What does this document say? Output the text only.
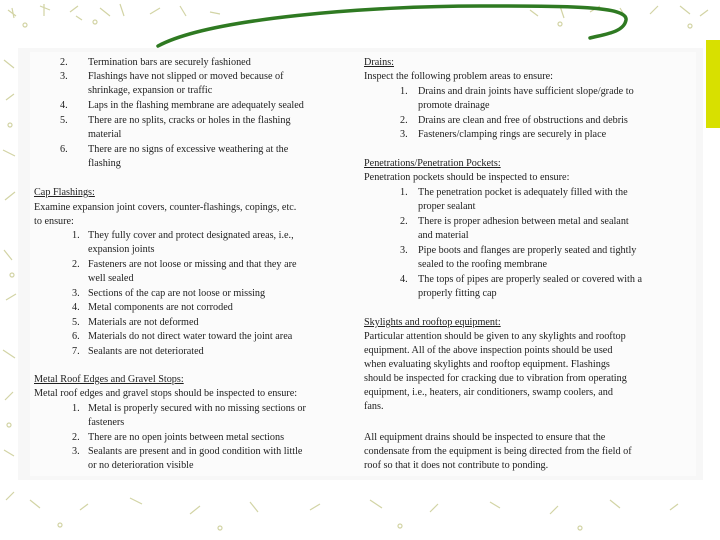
2. Termination bars are securely fashioned
3. Flashings have not slipped or moved because of
shrinkage, expansion or traffic
4. Laps in the flashing membrane are adequately sealed
5. There are no splits, cracks or holes in the flashing
material
6. There are no signs of excessive weathering at the
flashing
Cap Flashings:
Examine expansion joint covers, counter-flashings, copings, etc.
to ensure:
1. They fully cover and protect designated areas, i.e.,
expansion joints
2. Fasteners are not loose or missing and that they are
well sealed
3. Sections of the cap are not loose or missing
4. Metal components are not corroded
5. Materials are not deformed
6. Materials do not direct water toward the joint area
7. Sealants are not deteriorated
Metal Roof Edges and Gravel Stops:
Metal roof edges and gravel stops should be inspected to ensure:
1. Metal is properly secured with no missing sections or
fasteners
2. There are no open joints between metal sections
3. Sealants are present and in good condition with little
or no deterioration visible
Drains:
Inspect the following problem areas to ensure:
1. Drains and drain joints have sufficient slope/grade to
promote drainage
2. Drains are clean and free of obstructions and debris
3. Fasteners/clamping rings are securely in place
Penetrations/Penetration Pockets:
Penetration pockets should be inspected to ensure:
1. The penetration pocket is adequately filled with the
proper sealant
2. There is proper adhesion between metal and sealant
and material
3. Pipe boots and flanges are properly seated and tightly
sealed to the roofing membrane
4. The tops of pipes are properly sealed or covered with a
properly fitting cap
Skylights and rooftop equipment:
Particular attention should be given to any skylights and rooftop
equipment. All of the above inspection points should be used
when evaluating skylights and rooftop equipment. Flashings
should be inspected for cracking due to vibration from operating
equipment, i.e., heaters, air conditioners, swamp coolers, and
fans.
All equipment drains should be inspected to ensure that the
condensate from the equipment is being directed from the field of
roof so that it does not contribute to ponding.
